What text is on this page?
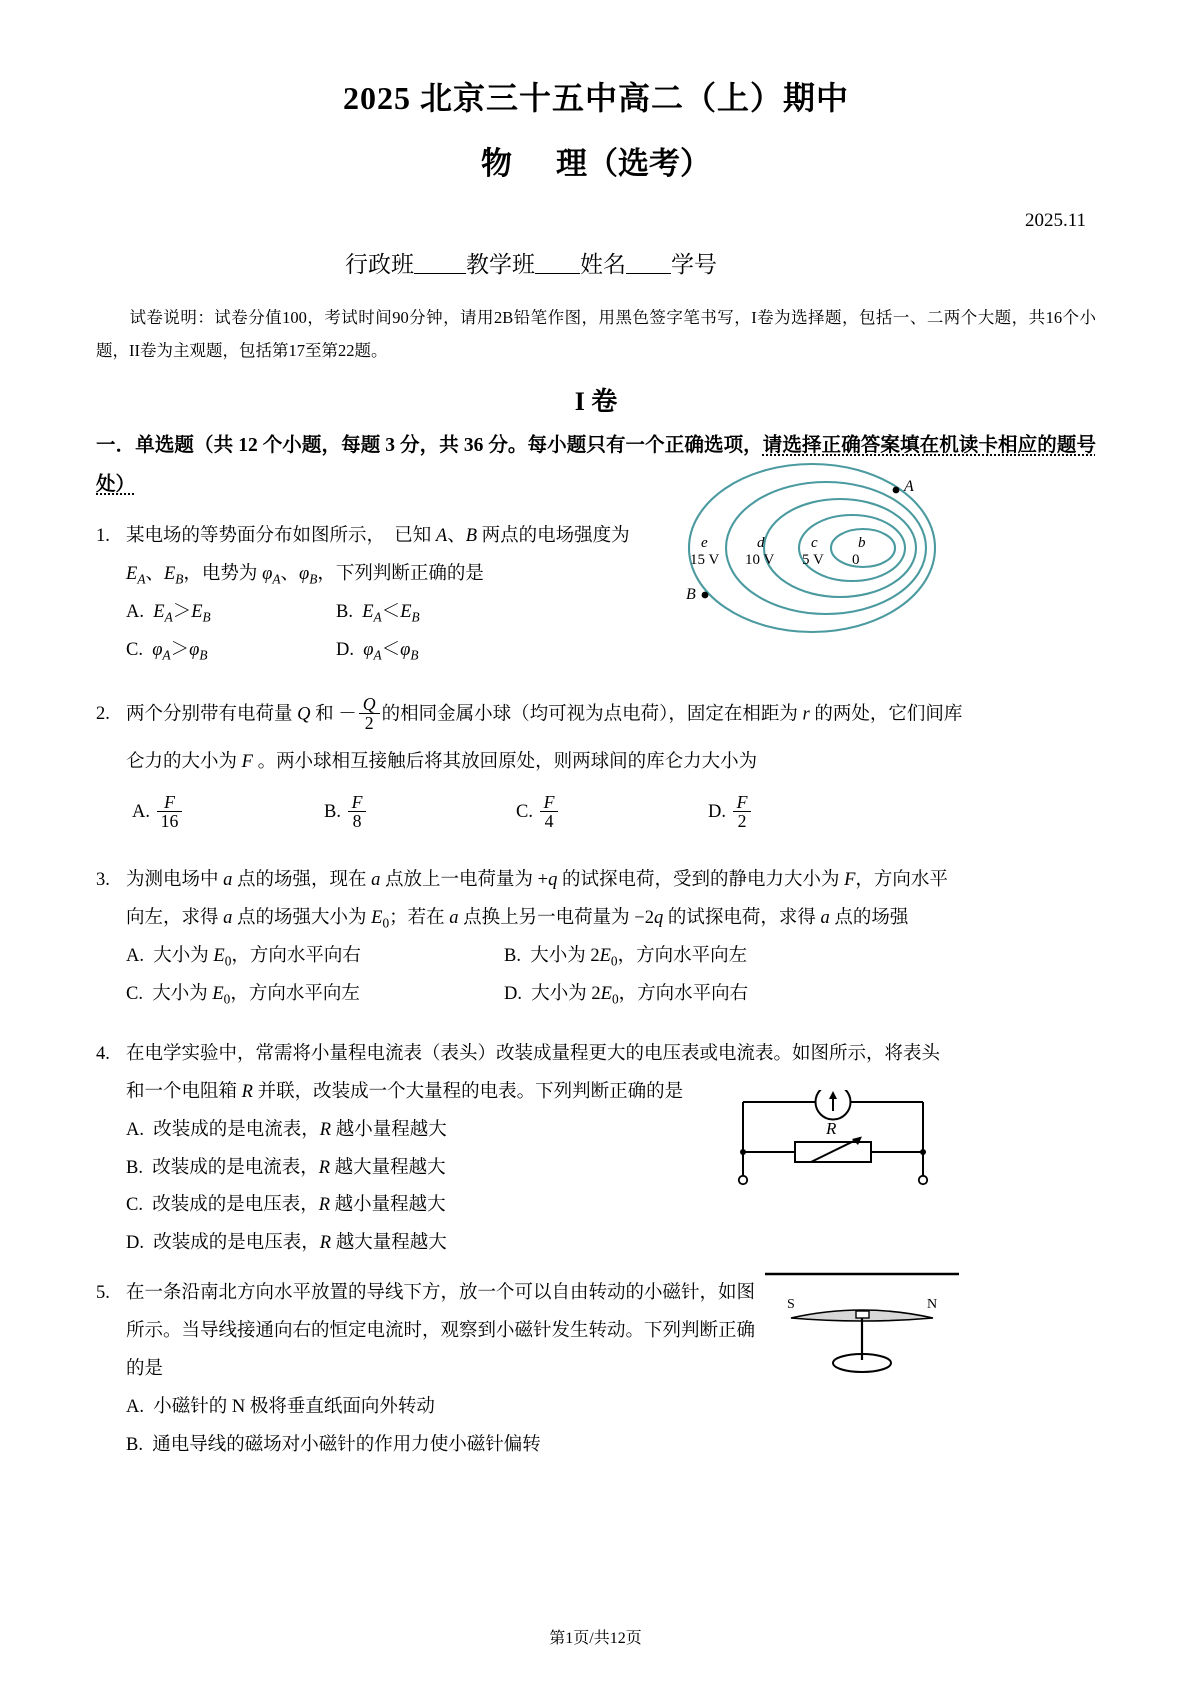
2025 北京三十五中高二（上）期中
物 理（选考）
2025.11
行政班 教学班 姓名 学号
试卷说明：试卷分值100，考试时间90分钟，请用2B铅笔作图，用黑色签字笔书写，I卷为选择题，包括一、二两个大题，共16个小题，II卷为主观题，包括第17至第22题。
I 卷
一．单选题（共 12 个小题，每题 3 分，共 36 分。每小题只有一个正确选项，请选择正确答案填在机读卡相应的题号处）
1. 某电场的等势面分布如图所示，  已知 A、B 两点的电场强度为
$E_A$、$E_B$，电势为 $\varphi_A$、$\varphi_B$，下列判断正确的是
A.  $E_A>E_B$	B.  $E_A<E_B$
C.  $\varphi_A>\varphi_B$	D.  $\varphi_A<\varphi_B$
2. 两个分别带有电荷量 Q 和 － $\frac{Q}{2}$ 的相同金属小球（均可视为点电荷），固定在相距为 r 的两处，它们间库
仑力的大小为 F 。两小球相互接触后将其放回原处，则两球间的库仑力大小为
A. $\frac{F}{16}$	B. $\frac{F}{8}$	C. $\frac{F}{4}$	D. $\frac{F}{2}$
3. 为测电场中 a 点的场强，现在 a 点放上一电荷量为 +q 的试探电荷，受到的静电力大小为 F，方向水平
向左，求得 a 点的场强大小为 $E_0$；若在 a 点换上另一电荷量为 −2q 的试探电荷，求得 a 点的场强
A.  大小为 $E_0$，方向水平向右	B.  大小为 $2E_0$，方向水平向左
C.  大小为 $E_0$，方向水平向左	D.  大小为 $2E_0$，方向水平向右
4. 在电学实验中，常需将小量程电流表（表头）改装成量程更大的电压表或电流表。如图所示，将表头
和一个电阻箱 R 并联，改装成一个大量程的电表。下列判断正确的是
A.  改装成的是电流表，R 越小量程越大
B.  改装成的是电流表，R 越大量程越大
C.  改装成的是电压表，R 越小量程越大
D.  改装成的是电压表，R 越大量程越大
5. 在一条沿南北方向水平放置的导线下方，放一个可以自由转动的小磁针，如图
所示。当导线接通向右的恒定电流时，观察到小磁针发生转动。下列判断正确
的是
A.  小磁针的 N 极将垂直纸面向外转动
B.  通电导线的磁场对小磁针的作用力使小磁针偏转
A
B
e
15 V
d
10 V
c
5 V
b
0
R
S	N
第1页/共12页
